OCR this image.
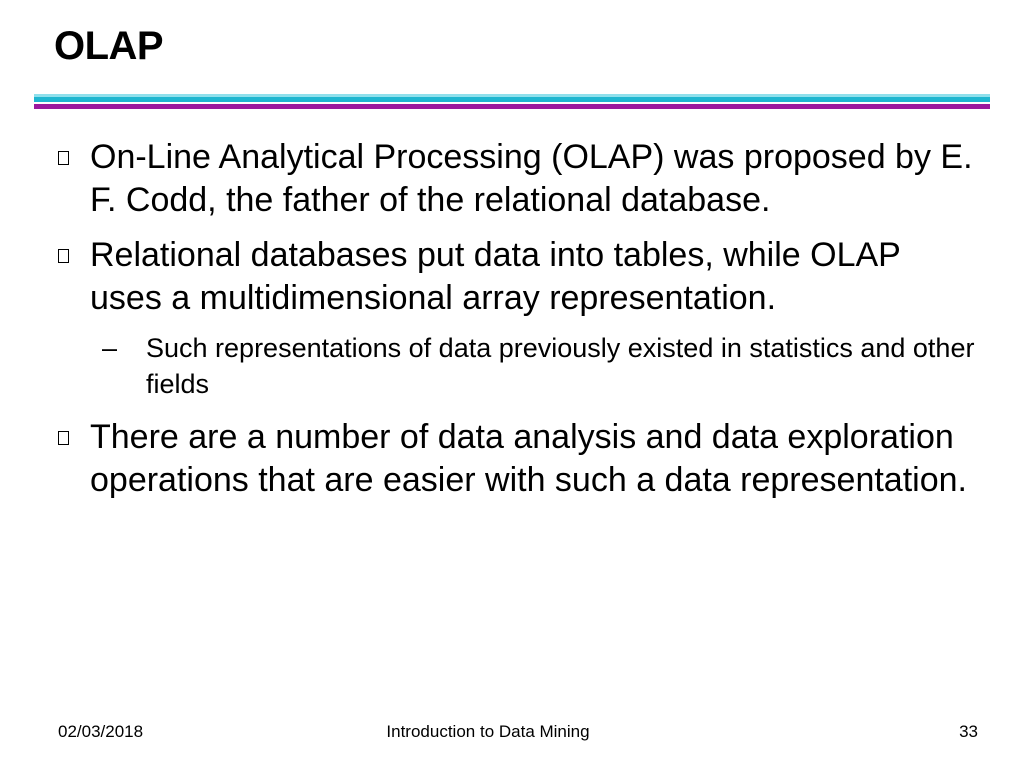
OLAP
On-Line Analytical Processing (OLAP) was proposed by E. F. Codd, the father of the relational database.
Relational databases put data into tables, while OLAP uses a multidimensional array representation.
– Such representations of data previously existed in statistics and other fields
There are a number of data analysis and data exploration operations that are easier with such a data representation.
02/03/2018	Introduction to Data Mining	33
